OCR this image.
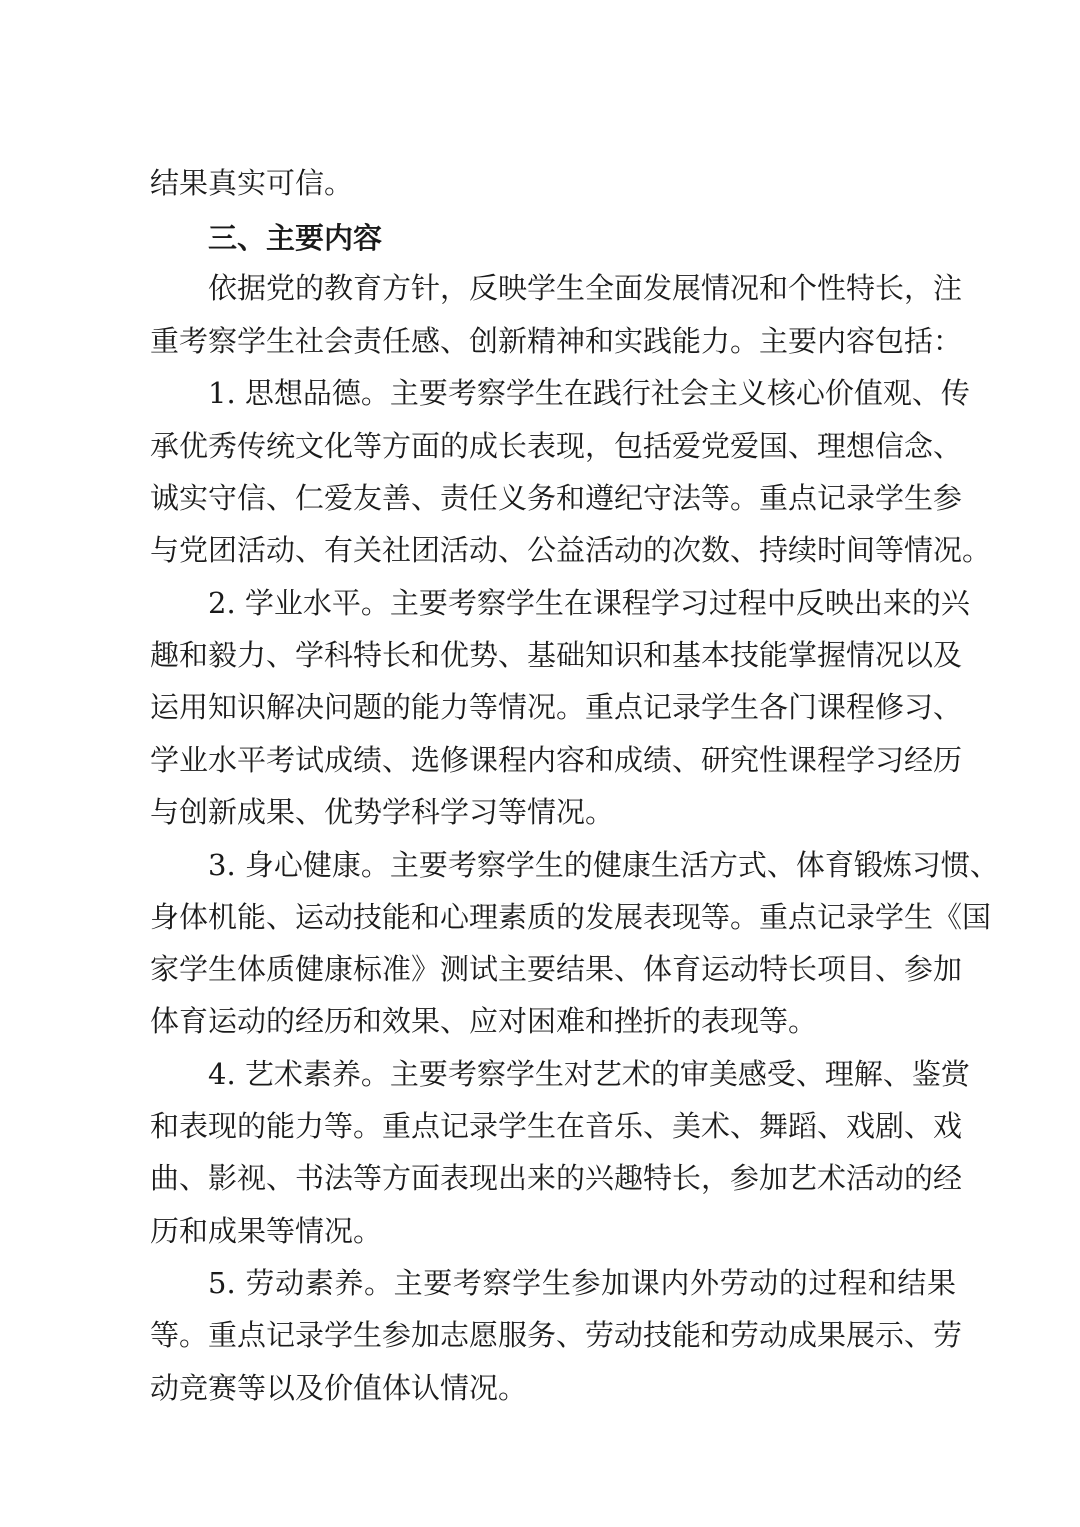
结果真实可信。
三、主要内容
依据党的教育方针，反映学生全面发展情况和个性特长，注
重考察学生社会责任感、创新精神和实践能力。主要内容包括：
1. 思想品德。主要考察学生在践行社会主义核心价值观、传
承优秀传统文化等方面的成长表现，包括爱党爱国、理想信念、
诚实守信、仁爱友善、责任义务和遵纪守法等。重点记录学生参
与党团活动、有关社团活动、公益活动的次数、持续时间等情况。
2. 学业水平。主要考察学生在课程学习过程中反映出来的兴
趣和毅力、学科特长和优势、基础知识和基本技能掌握情况以及
运用知识解决问题的能力等情况。重点记录学生各门课程修习、
学业水平考试成绩、选修课程内容和成绩、研究性课程学习经历
与创新成果、优势学科学习等情况。
3. 身心健康。主要考察学生的健康生活方式、体育锻炼习惯、
身体机能、运动技能和心理素质的发展表现等。重点记录学生《国
家学生体质健康标准》测试主要结果、体育运动特长项目、参加
体育运动的经历和效果、应对困难和挫折的表现等。
4. 艺术素养。主要考察学生对艺术的审美感受、理解、鉴赏
和表现的能力等。重点记录学生在音乐、美术、舞蹈、戏剧、戏
曲、影视、书法等方面表现出来的兴趣特长，参加艺术活动的经
历和成果等情况。
5. 劳动素养。主要考察学生参加课内外劳动的过程和结果
等。重点记录学生参加志愿服务、劳动技能和劳动成果展示、劳
动竞赛等以及价值体认情况。
